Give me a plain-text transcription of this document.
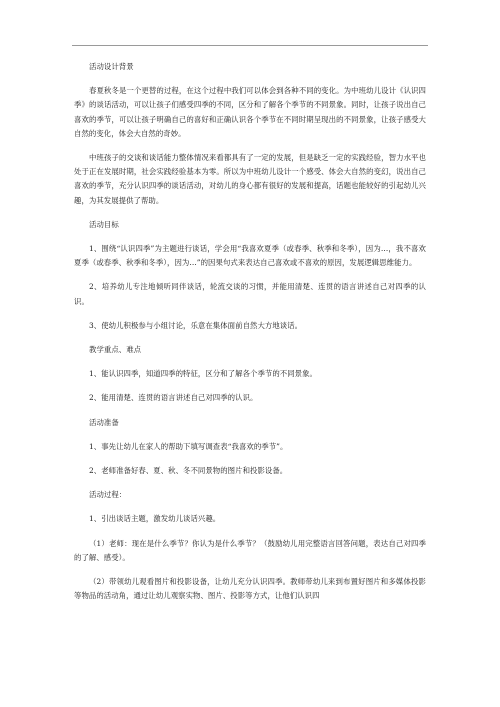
活动设计背景

春夏秋冬是一个更替的过程，在这个过程中我们可以体会到各种不同的变化。为中班幼儿设计《认识四季》的谈话活动，可以让孩子们感受四季的不同，区分和了解各个季节的不同景象。同时，让孩子说出自己喜欢的季节，可以让孩子明确自己的喜好和正确认识各个季节在不同时期呈现出的不同景象，让孩子感受大自然的变化，体会大自然的奇妙。

中班孩子的交谈和谈话能力整体情况来看都具有了一定的发展，但是缺乏一定的实践经验，智力水平也处于正在发展时期，社会实践经验基本为零。所以为中班幼儿设计一个感受、体会大自然的变幻，说出自己喜欢的季节，充分认识四季的谈话活动，对幼儿的身心都有很好的发展和提高，话题也能较好的引起幼儿兴趣，为其发展提供了帮助。

活动目标

1、围绕“认识四季”为主题进行谈话，学会用“我喜欢夏季（或春季、秋季和冬季），因为…，我不喜欢夏季（或春季、秋季和冬季），因为…”的因果句式来表达自己喜欢或不喜欢的原因，发展逻辑思维能力。

2、培养幼儿专注地倾听同伴谈话，轮流交谈的习惯，并能用清楚、连贯的语言讲述自己对四季的认识。

3、使幼儿积极参与小组讨论，乐意在集体面前自然大方地谈话。

教学重点、难点

1、能认识四季，知道四季的特征，区分和了解各个季节的不同景象。

2、能用清楚、连贯的语言讲述自己对四季的认识。

活动准备

1、事先让幼儿在家人的帮助下填写调查表“我喜欢的季节”。

2、老师准备好春、夏、秋、冬不同景物的图片和投影设备。

活动过程：

1、引出谈话主题，激发幼儿谈话兴趣。

（1）老师：现在是什么季节？你认为是什么季节？（鼓励幼儿用完整语言回答问题，表达自己对四季的了解、感受）。

（2）带领幼儿观看图片和投影设备，让幼儿充分认识四季。教师带幼儿来到布置好图片和多媒体投影等物品的活动角，通过让幼儿观察实物、图片、投影等方式，让他们认识四
